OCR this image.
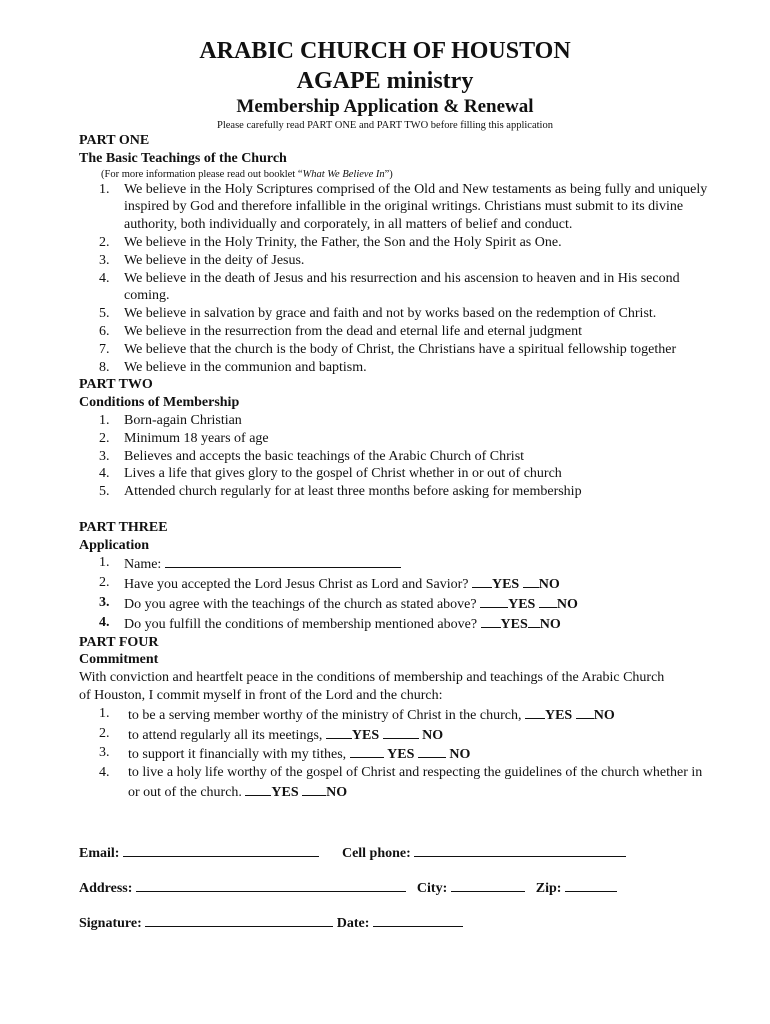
ARABIC CHURCH OF HOUSTON
AGAPE ministry
Membership Application & Renewal
Please carefully read PART ONE and PART TWO before filling this application
PART ONE
The Basic Teachings of the Church
(For more information please read out booklet “What We Believe In”)
1.	We believe in the Holy Scriptures comprised of the Old and New testaments as being fully and uniquely inspired by God and therefore infallible in the original writings. Christians must submit to its divine authority, both individually and corporately, in all matters of belief and conduct.
2.	We believe in the Holy Trinity, the Father, the Son and the Holy Spirit as One.
3.	We believe in the deity of Jesus.
4.	We believe in the death of Jesus and his resurrection and his ascension to heaven and in His second coming.
5.	We believe in salvation by grace and faith and not by works based on the redemption of Christ.
6.	We believe in the resurrection from the dead and eternal life and eternal judgment
7.	We believe that the church is the body of Christ, the Christians have a spiritual fellowship together
8.	We believe in the communion and baptism.
PART TWO
Conditions of Membership
1.	Born-again Christian
2.	Minimum 18 years of age
3.	Believes and accepts the basic teachings of the Arabic Church of Christ
4.	Lives a life that gives glory to the gospel of Christ whether in or out of church
5.	Attended church regularly for at least three months before asking for membership
PART THREE
Application
1.	Name:
2.	Have you accepted the Lord Jesus Christ as Lord and Savior? YES NO
3.	Do you agree with the teachings of the church as stated above? YES NO
4.	Do you fulfill the conditions of membership mentioned above? YES NO
PART FOUR
Commitment
With conviction and heartfelt peace in the conditions of membership and teachings of the Arabic Church of Houston, I commit myself in front of the Lord and the church:
1.	to be a serving member worthy of the ministry of Christ in the church, YES NO
2.	to attend regularly all its meetings, YES	NO
3.	to support it financially with my tithes,	YES	NO
4.	to live a holy life worthy of the gospel of Christ and respecting the guidelines of the church whether in or out of the church. YES NO
Email:	Cell phone:
Address:	City:	Zip:
Signature:	Date:
